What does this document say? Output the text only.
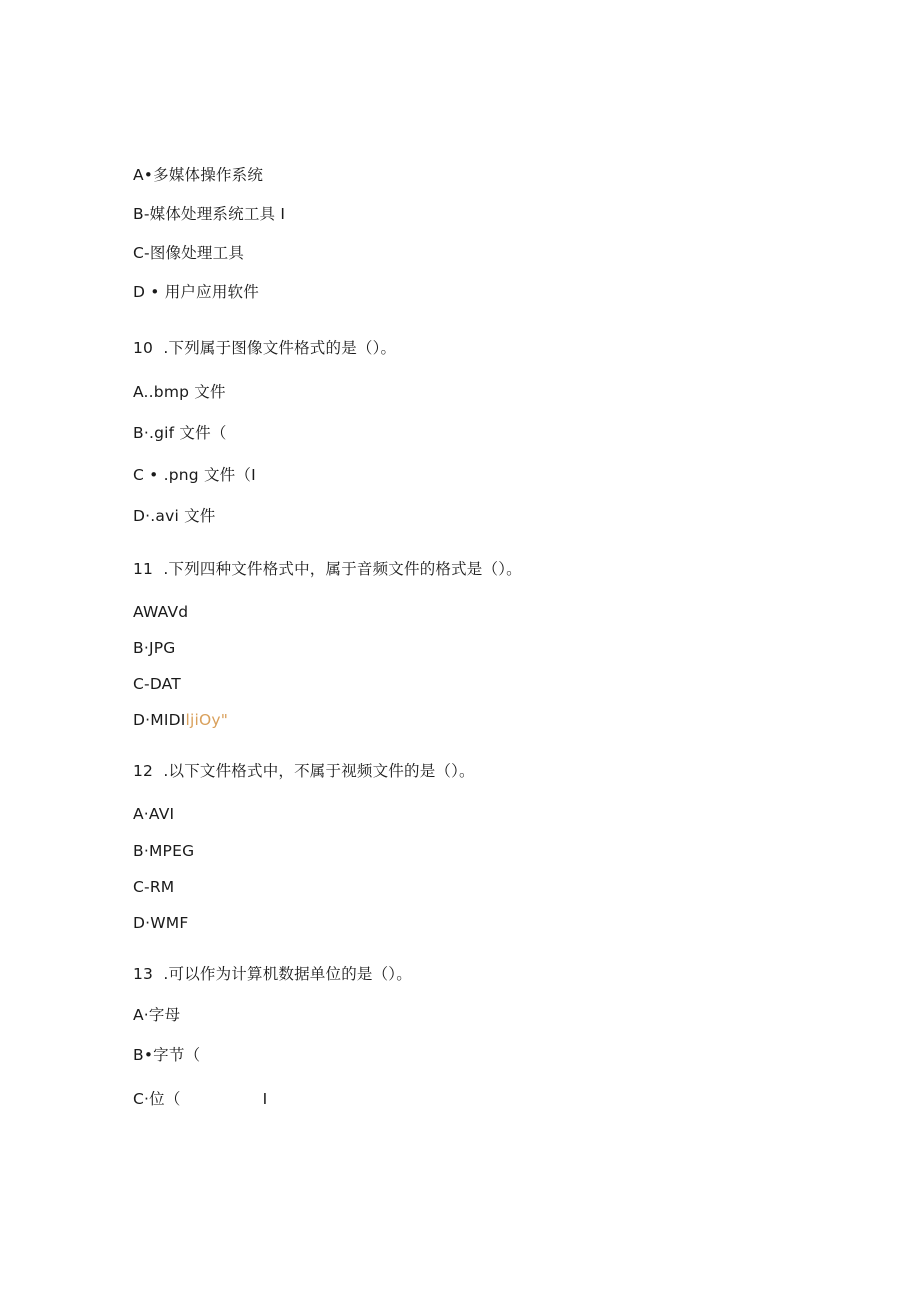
A•多媒体操作系统
B-媒体处理系统工具 I
C-图像处理工具
D • 用户应用软件
10  .下列属于图像文件格式的是（）。
A..bmp 文件
B·.gif 文件（
C • .png 文件（I
D·.avi 文件
11  .下列四种文件格式中，属于音频文件的格式是（）。
AWAVd
B·JPG
C-DAT
D·MIDIljiOy"
12  .以下文件格式中，不属于视频文件的是（）。
A·AVI
B·MPEG
C-RM
D·WMF
13  .可以作为计算机数据单位的是（）。
A·字母
B•字节（
C·位（	I
